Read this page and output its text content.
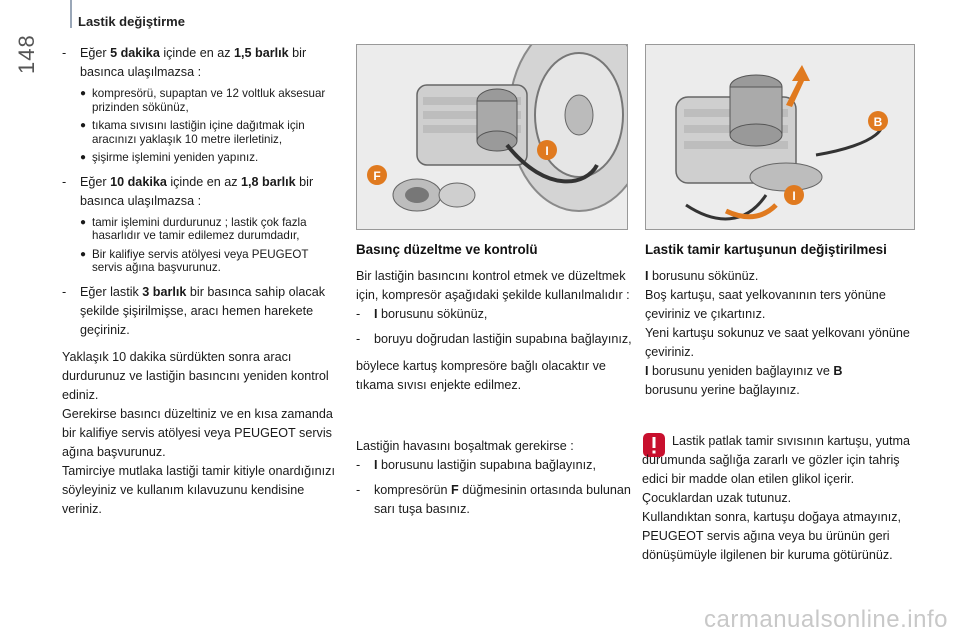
148
Lastik değiştirme
-	Eğer 5 dakika içinde en az 1,5 barlık bir basınca ulaşılmazsa :
● kompresörü, supaptan ve 12 voltluk aksesuar prizinden sökünüz,
● tıkama sıvısını lastiğin içine dağıtmak için aracınızı yaklaşık 10 metre ilerletiniz,
● şişirme işlemini yeniden yapınız.
-	Eğer 10 dakika içinde en az 1,8 barlık bir basınca ulaşılmazsa :
● tamir işlemini durdurunuz ; lastik çok fazla hasarlıdır ve tamir edilemez durumdadır,
● Bir kalifiye servis atölyesi veya PEUGEOT servis ağına başvurunuz.
-	Eğer lastik 3 barlık bir basınca sahip olacak şekilde şişirilmişse, aracı hemen harekete geçiriniz.

Yaklaşık 10 dakika sürdükten sonra aracı durdurunuz ve lastiğin basıncını yeniden kontrol ediniz.

Gerekirse basıncı düzeltiniz ve en kısa zamanda bir kalifiye servis atölyesi veya PEUGEOT servis ağına başvurunuz.

Tamirciye mutlaka lastiği tamir kitiyle onardığınızı söyleyiniz ve kullanım kılavuzunu kendisine veriniz.

I
F
B
I
Basınç düzeltme ve kontrolü

Bir lastiğin basıncını kontrol etmek ve düzeltmek için, kompresör aşağıdaki şekilde kullanılmalıdır :

-	I borusunu sökünüz,
-	boruyu doğrudan lastiğin supabına bağlayınız,

böylece kartuş kompresöre bağlı olacaktır ve tıkama sıvısı enjekte edilmez.

Lastiğin havasını boşaltmak gerekirse :

-	I borusunu lastiğin supabına bağlayınız,
-	kompresörün F düğmesinin ortasında bulunan sarı tuşa basınız.
Lastik tamir kartuşunun değiştirilmesi

I borusunu sökünüz.

Boş kartuşu, saat yelkovanının ters yönüne çeviriniz ve çıkartınız.

Yeni kartuşu sokunuz ve saat yelkovanı yönüne çeviriniz.

I borusunu yeniden bağlayınız ve B

borusunu yerine bağlayınız.

Lastik patlak tamir sıvısının kartuşu, yutma durumunda sağlığa zararlı ve gözler için tahriş edici bir madde olan etilen glikol içerir.

Çocuklardan uzak tutunuz.

Kullandıktan sonra, kartuşu doğaya atmayınız, PEUGEOT servis ağına veya bu ürünün geri dönüşümüyle ilgilenen bir kuruma götürünüz.

carmanualsonline.info
